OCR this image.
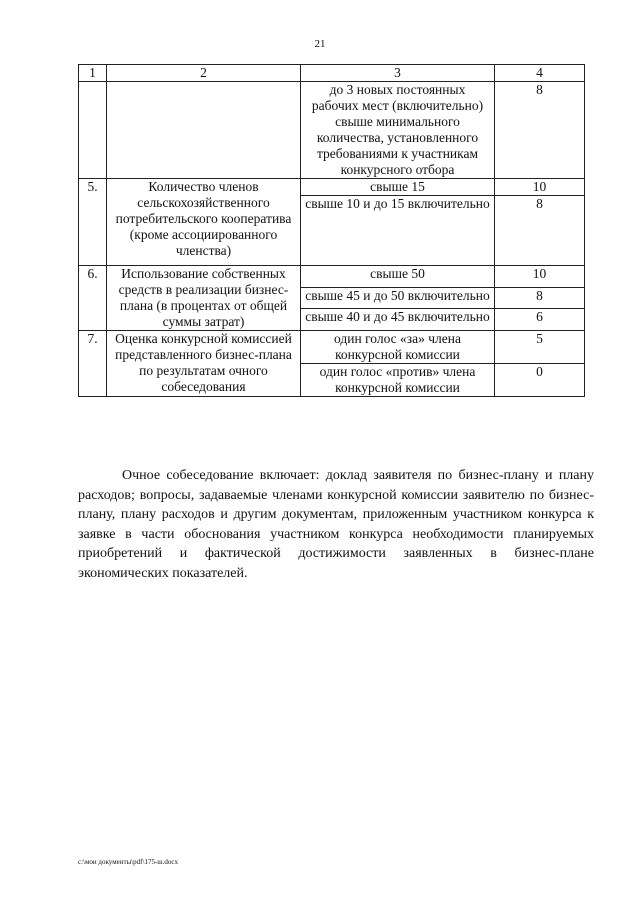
21
1	2	3	4
		до 3 новых постоянных рабочих мест (включительно) свыше минимального количества, установленного требованиями к участникам конкурсного отбора	8
5.	Количество членов сельскохозяйственного потребительского кооператива (кроме ассоциированного членства)	свыше 15	10
		свыше 10 и до 15 включительно	8
6.	Использование собственных средств в реализации бизнес-плана (в процентах от общей суммы затрат)	свыше 50	10
		свыше 45 и до 50 включительно	8
		свыше 40 и до 45 включительно	6
7.	Оценка конкурсной комиссией представленного бизнес-плана по результатам очного собеседования	один голос «за» члена конкурсной комиссии	5
		один голос «против» члена конкурсной комиссии	0

Очное собеседование включает: доклад заявителя по бизнес-плану и плану расходов; вопросы, задаваемые членами конкурсной комиссии заявителю по бизнес-плану, плану расходов и другим документам, приложенным участником конкурса к заявке в части обоснования участником конкурса необходимости планируемых приобретений и фактической достижимости заявленных в бизнес-плане экономических показателей.

c:\мои документы\pdf\175-ш.docx
